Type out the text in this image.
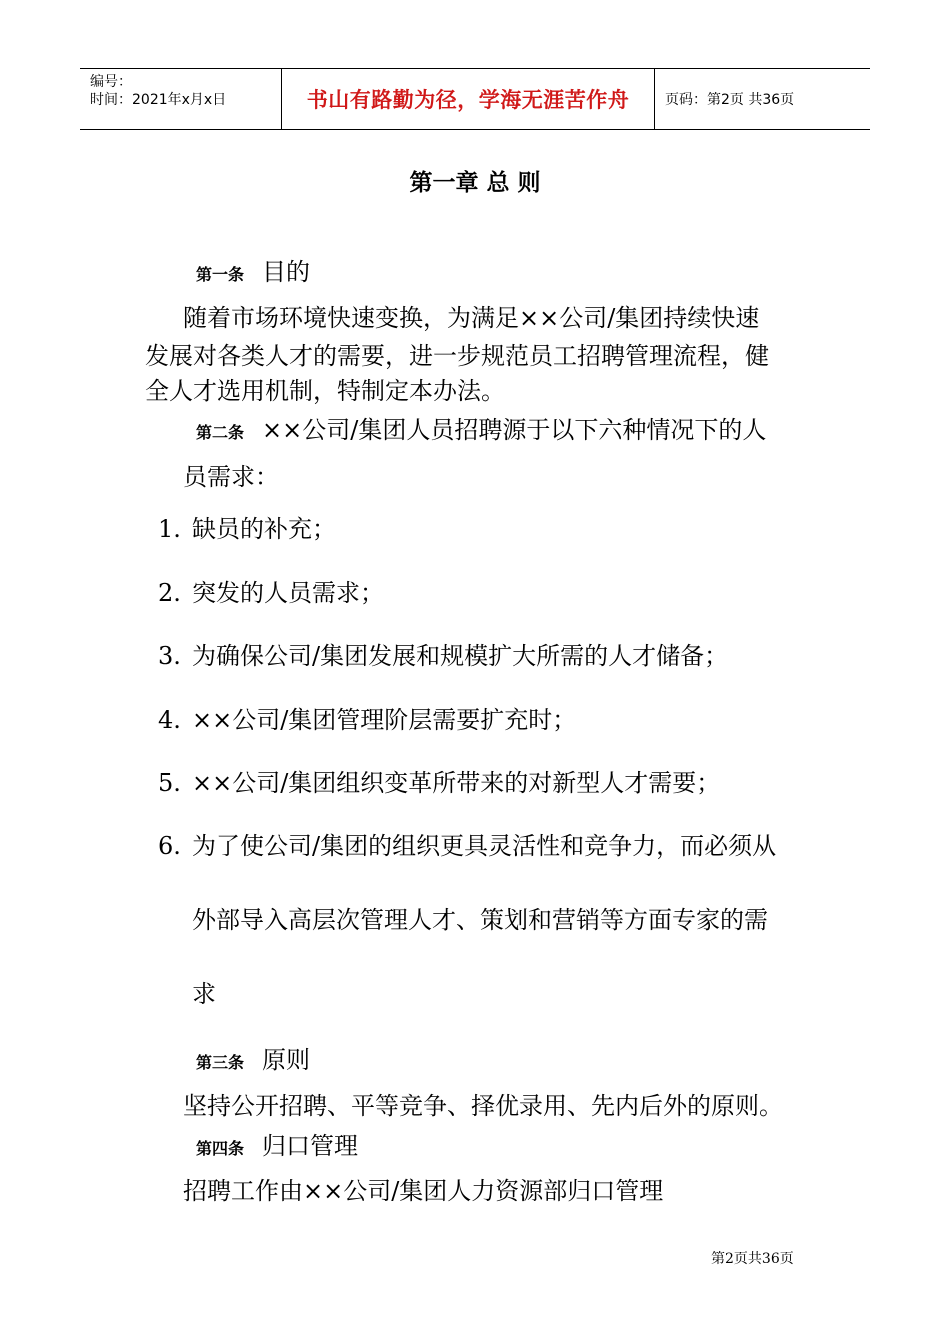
编号：
时间：2021年x月x日	书山有路勤为径，学海无涯苦作舟	页码：第2页 共36页
第一章 总 则
第一条 目的
随着市场环境快速变换，为满足××公司/集团持续快速
发展对各类人才的需要，进一步规范员工招聘管理流程，健
全人才选用机制，特制定本办法。
第二条 ××公司/集团人员招聘源于以下六种情况下的人
员需求：
1. 缺员的补充；
2. 突发的人员需求；
3. 为确保公司/集团发展和规模扩大所需的人才储备；
4. ××公司/集团管理阶层需要扩充时；
5. ××公司/集团组织变革所带来的对新型人才需要；
6. 为了使公司/集团的组织更具灵活性和竞争力，而必须从
外部导入高层次管理人才、策划和营销等方面专家的需
求
第三条 原则
坚持公开招聘、平等竞争、择优录用、先内后外的原则。
第四条 归口管理
招聘工作由××公司/集团人力资源部归口管理
第2页共36页
